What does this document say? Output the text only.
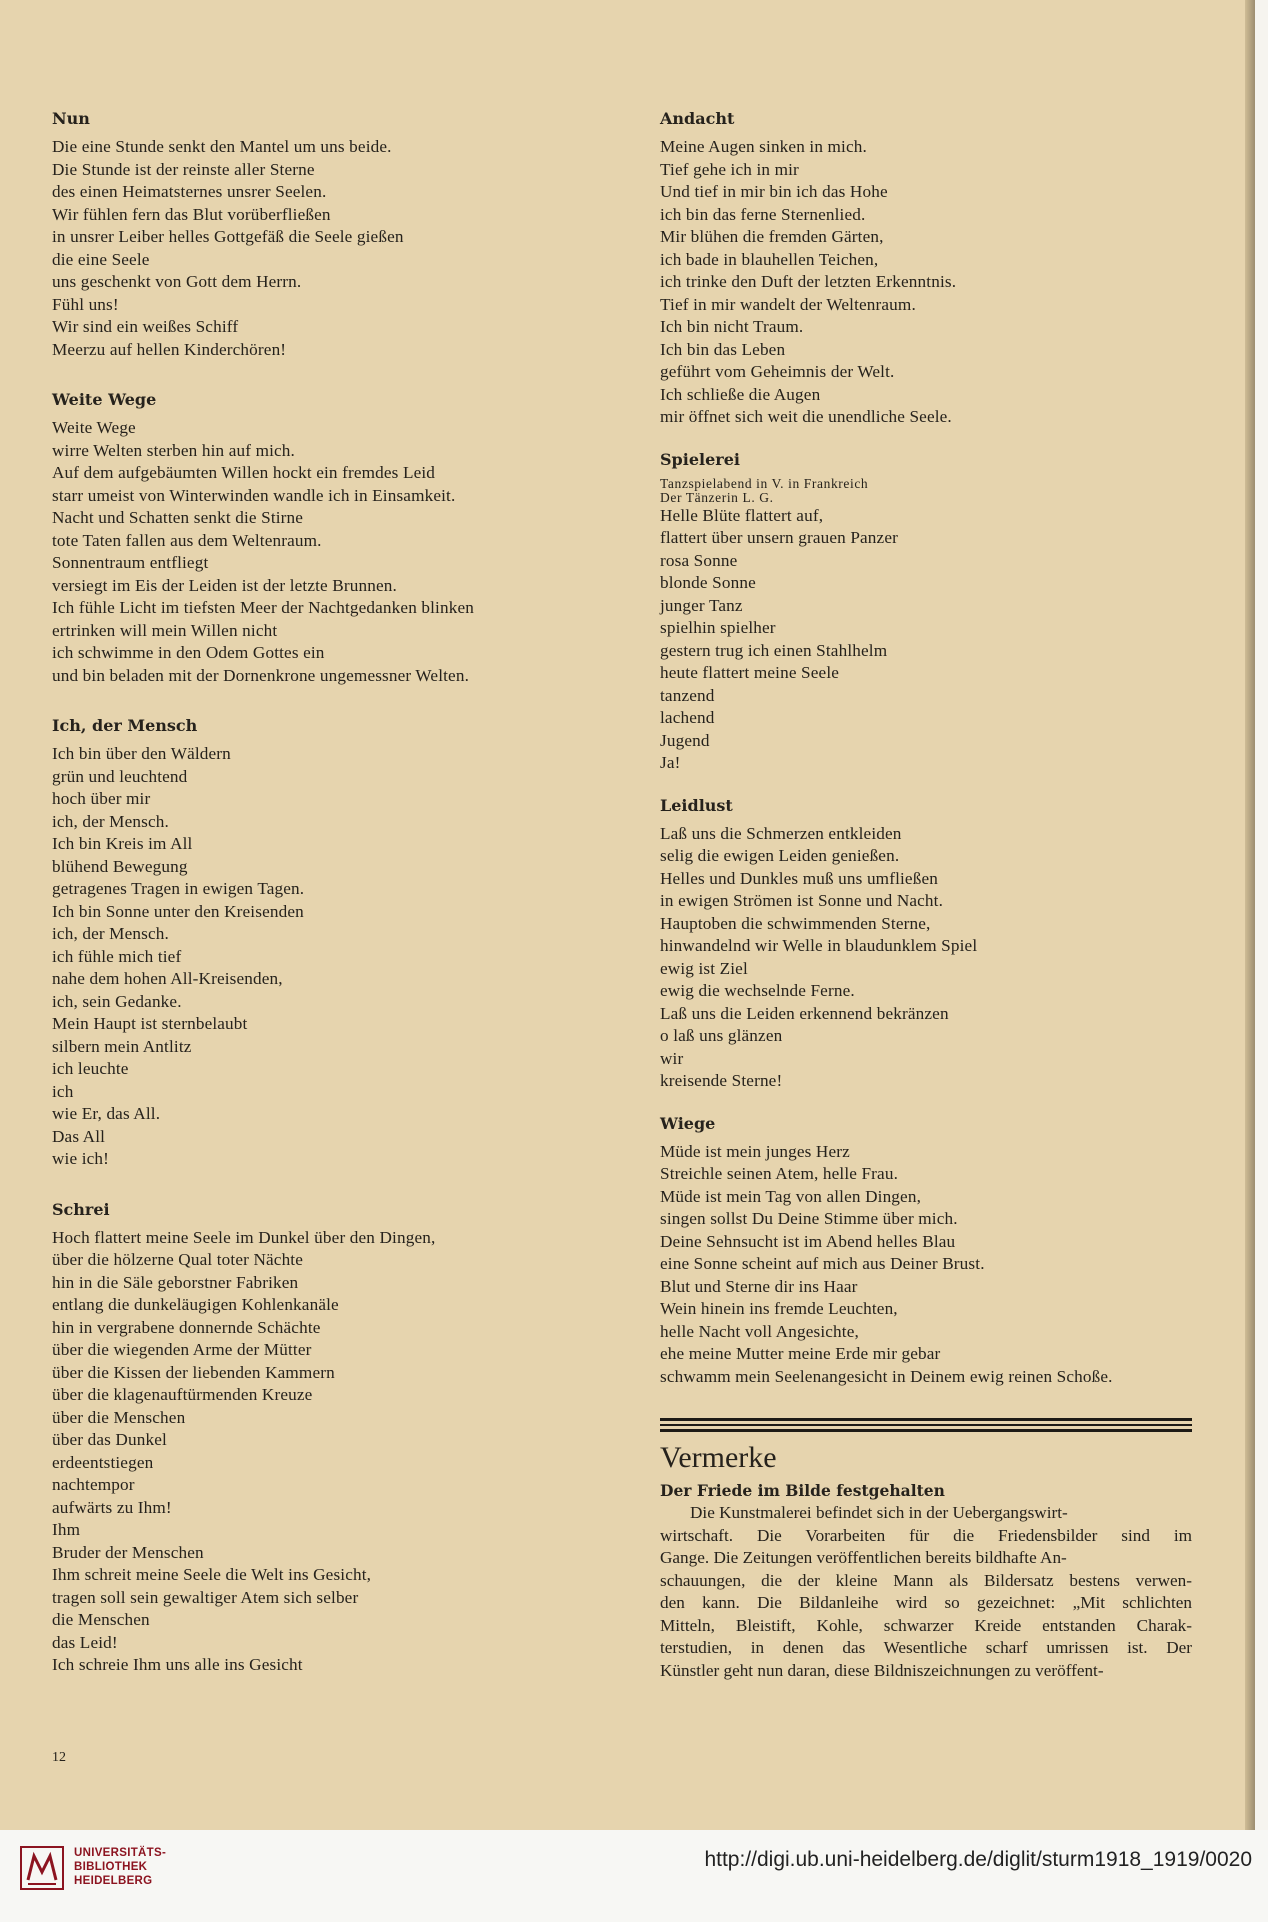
Nun
Die eine Stunde senkt den Mantel um uns beide.
Die Stunde ist der reinste aller Sterne
des einen Heimatsternes unsrer Seelen.
Wir fühlen fern das Blut vorüberfließen
in unsrer Leiber helles Gottgefäß die Seele gießen
die eine Seele
uns geschenkt von Gott dem Herrn.
Fühl uns!
Wir sind ein weißes Schiff
Meerzu auf hellen Kinderchören!
Weite Wege
Weite Wege
wirre Welten sterben hin auf mich.
Auf dem aufgebäumten Willen hockt ein fremdes Leid
starr umeist von Winterwinden wandle ich in Einsamkeit.
Nacht und Schatten senkt die Stirne
tote Taten fallen aus dem Weltenraum.
Sonnentraum entfliegt
versiegt im Eis der Leiden ist der letzte Brunnen.
Ich fühle Licht im tiefsten Meer der Nachtgedanken blinken
ertrinken will mein Willen nicht
ich schwimme in den Odem Gottes ein
und bin beladen mit der Dornenkrone ungemessner Welten.
Ich, der Mensch
Ich bin über den Wäldern
grün und leuchtend
hoch über mir
ich, der Mensch.
Ich bin Kreis im All
blühend Bewegung
getragenes Tragen in ewigen Tagen.
Ich bin Sonne unter den Kreisenden
ich, der Mensch.
ich fühle mich tief
nahe dem hohen All-Kreisenden,
ich, sein Gedanke.
Mein Haupt ist sternbelaubt
silbern mein Antlitz
ich leuchte
ich
wie Er, das All.
Das All
wie ich!
Schrei
Hoch flattert meine Seele im Dunkel über den Dingen,
über die hölzerne Qual toter Nächte
hin in die Säle geborstner Fabriken
entlang die dunkeläugigen Kohlenkanäle
hin in vergrabene donnernde Schächte
über die wiegenden Arme der Mütter
über die Kissen der liebenden Kammern
über die klagenauftürmenden Kreuze
über die Menschen
über das Dunkel
erdeentstiegen
nachtempor
aufwärts zu Ihm!
Ihm
Bruder der Menschen
Ihm schreit meine Seele die Welt ins Gesicht,
tragen soll sein gewaltiger Atem sich selber
die Menschen
das Leid!
Ich schreie Ihm uns alle ins Gesicht
Andacht
Meine Augen sinken in mich.
Tief gehe ich in mir
Und tief in mir bin ich das Hohe
ich bin das ferne Sternenlied.
Mir blühen die fremden Gärten,
ich bade in blauhellen Teichen,
ich trinke den Duft der letzten Erkenntnis.
Tief in mir wandelt der Weltenraum.
Ich bin nicht Traum.
Ich bin das Leben
geführt vom Geheimnis der Welt.
Ich schließe die Augen
mir öffnet sich weit die unendliche Seele.
Spielerei
Tanzspielabend in V. in Frankreich
Der Tänzerin L. G.
Helle Blüte flattert auf,
flattert über unsern grauen Panzer
rosa Sonne
blonde Sonne
junger Tanz
spielhin spielher
gestern trug ich einen Stahlhelm
heute flattert meine Seele
tanzend
lachend
Jugend
Ja!
Leidlust
Laß uns die Schmerzen entkleiden
selig die ewigen Leiden genießen.
Helles und Dunkles muß uns umfließen
in ewigen Strömen ist Sonne und Nacht.
Hauptoben die schwimmenden Sterne,
hinwandelnd wir Welle in blaudunklem Spiel
ewig ist Ziel
ewig die wechselnde Ferne.
Laß uns die Leiden erkennend bekränzen
o laß uns glänzen
wir
kreisende Sterne!
Wiege
Müde ist mein junges Herz
Streichle seinen Atem, helle Frau.
Müde ist mein Tag von allen Dingen,
singen sollst Du Deine Stimme über mich.
Deine Sehnsucht ist im Abend helles Blau
eine Sonne scheint auf mich aus Deiner Brust.
Blut und Sterne dir ins Haar
Wein hinein ins fremde Leuchten,
helle Nacht voll Angesichte,
ehe meine Mutter meine Erde mir gebar
schwamm mein Seelenangesicht in Deinem ewig reinen Schoße.
Vermerke
Der Friede im Bilde festgehalten
Die Kunstmalerei befindet sich in der Uebergangswirt-
wirtschaft. Die Vorarbeiten für die Friedensbilder sind im
Gange. Die Zeitungen veröffentlichen bereits bildhafte An-
schauungen, die der kleine Mann als Bildersatz bestens verwen-
den kann. Die Bildanleihe wird so gezeichnet: „Mit schlichten
Mitteln, Bleistift, Kohle, schwarzer Kreide entstanden Charak-
terstudien, in denen das Wesentliche scharf umrissen ist. Der
Künstler geht nun daran, diese Bildniszeichnungen zu veröffent-
12
UNIVERSITÄTS-
BIBLIOTHEK
HEIDELBERG
http://digi.ub.uni-heidelberg.de/diglit/sturm1918_1919/0020
